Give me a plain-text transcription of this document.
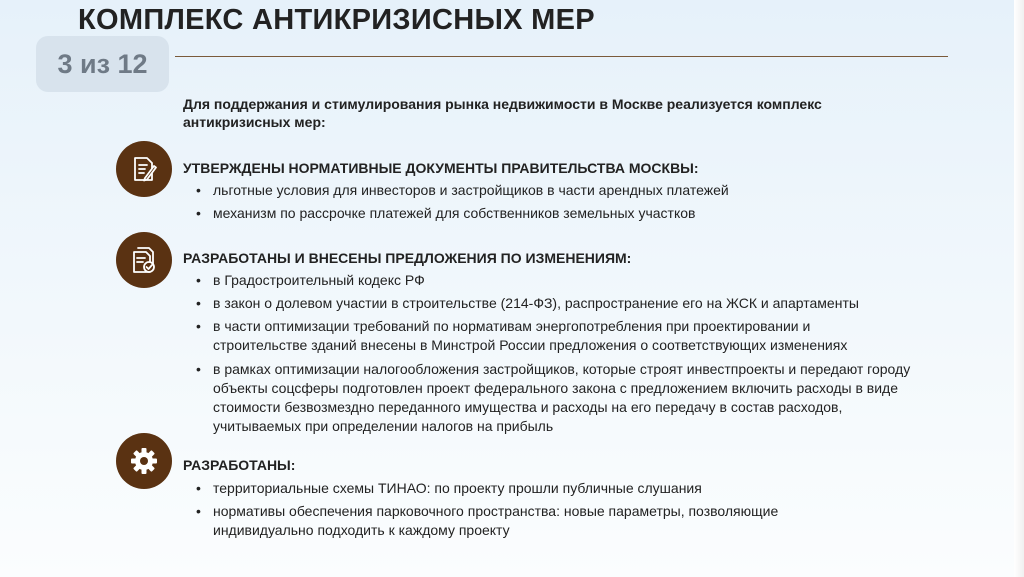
КОМПЛЕКС АНТИКРИЗИСНЫХ МЕР
3 из 12
Для поддержания и стимулирования рынка недвижимости в Москве реализуется комплекс антикризисных мер:
УТВЕРЖДЕНЫ НОРМАТИВНЫЕ ДОКУМЕНТЫ ПРАВИТЕЛЬСТВА МОСКВЫ:
• льготные условия для инвесторов и застройщиков в части арендных платежей
• механизм по рассрочке платежей для собственников земельных участков
РАЗРАБОТАНЫ И ВНЕСЕНЫ ПРЕДЛОЖЕНИЯ ПО ИЗМЕНЕНИЯМ:
• в Градостроительный кодекс РФ
• в закон о долевом участии в строительстве (214-ФЗ), распространение его на ЖСК и апартаменты
• в части оптимизации требований по нормативам энергопотребления при проектировании и строительстве зданий внесены в Минстрой России предложения о соответствующих изменениях
• в рамках оптимизации налогообложения застройщиков, которые строят инвестпроекты и передают городу объекты соцсферы подготовлен проект федерального закона с предложением включить расходы в виде стоимости безвозмездно переданного имущества и расходы на его передачу в состав расходов, учитываемых при определении налогов на прибыль
РАЗРАБОТАНЫ:
• территориальные схемы ТИНАО: по проекту прошли публичные слушания
• нормативы обеспечения парковочного пространства: новые параметры, позволяющие индивидуально подходить к каждому проекту
